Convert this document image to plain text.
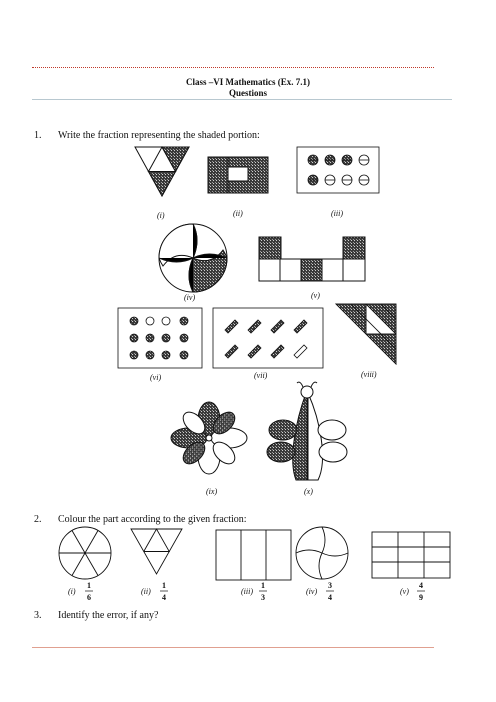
Class –VI Mathematics (Ex. 7.1)
Questions
1. Write the fraction representing the shaded portion:
2. Colour the part according to the given fraction:
3. Identify the error, if any?
(i)	(ii)	(iii)
(iv)	(v)
(vi)	(vii)	(viii)
(ix)	(x)
(i)
1
6
(ii)
1
4
(iii)
1
3
(iv)
3
4
(v)
4
9
